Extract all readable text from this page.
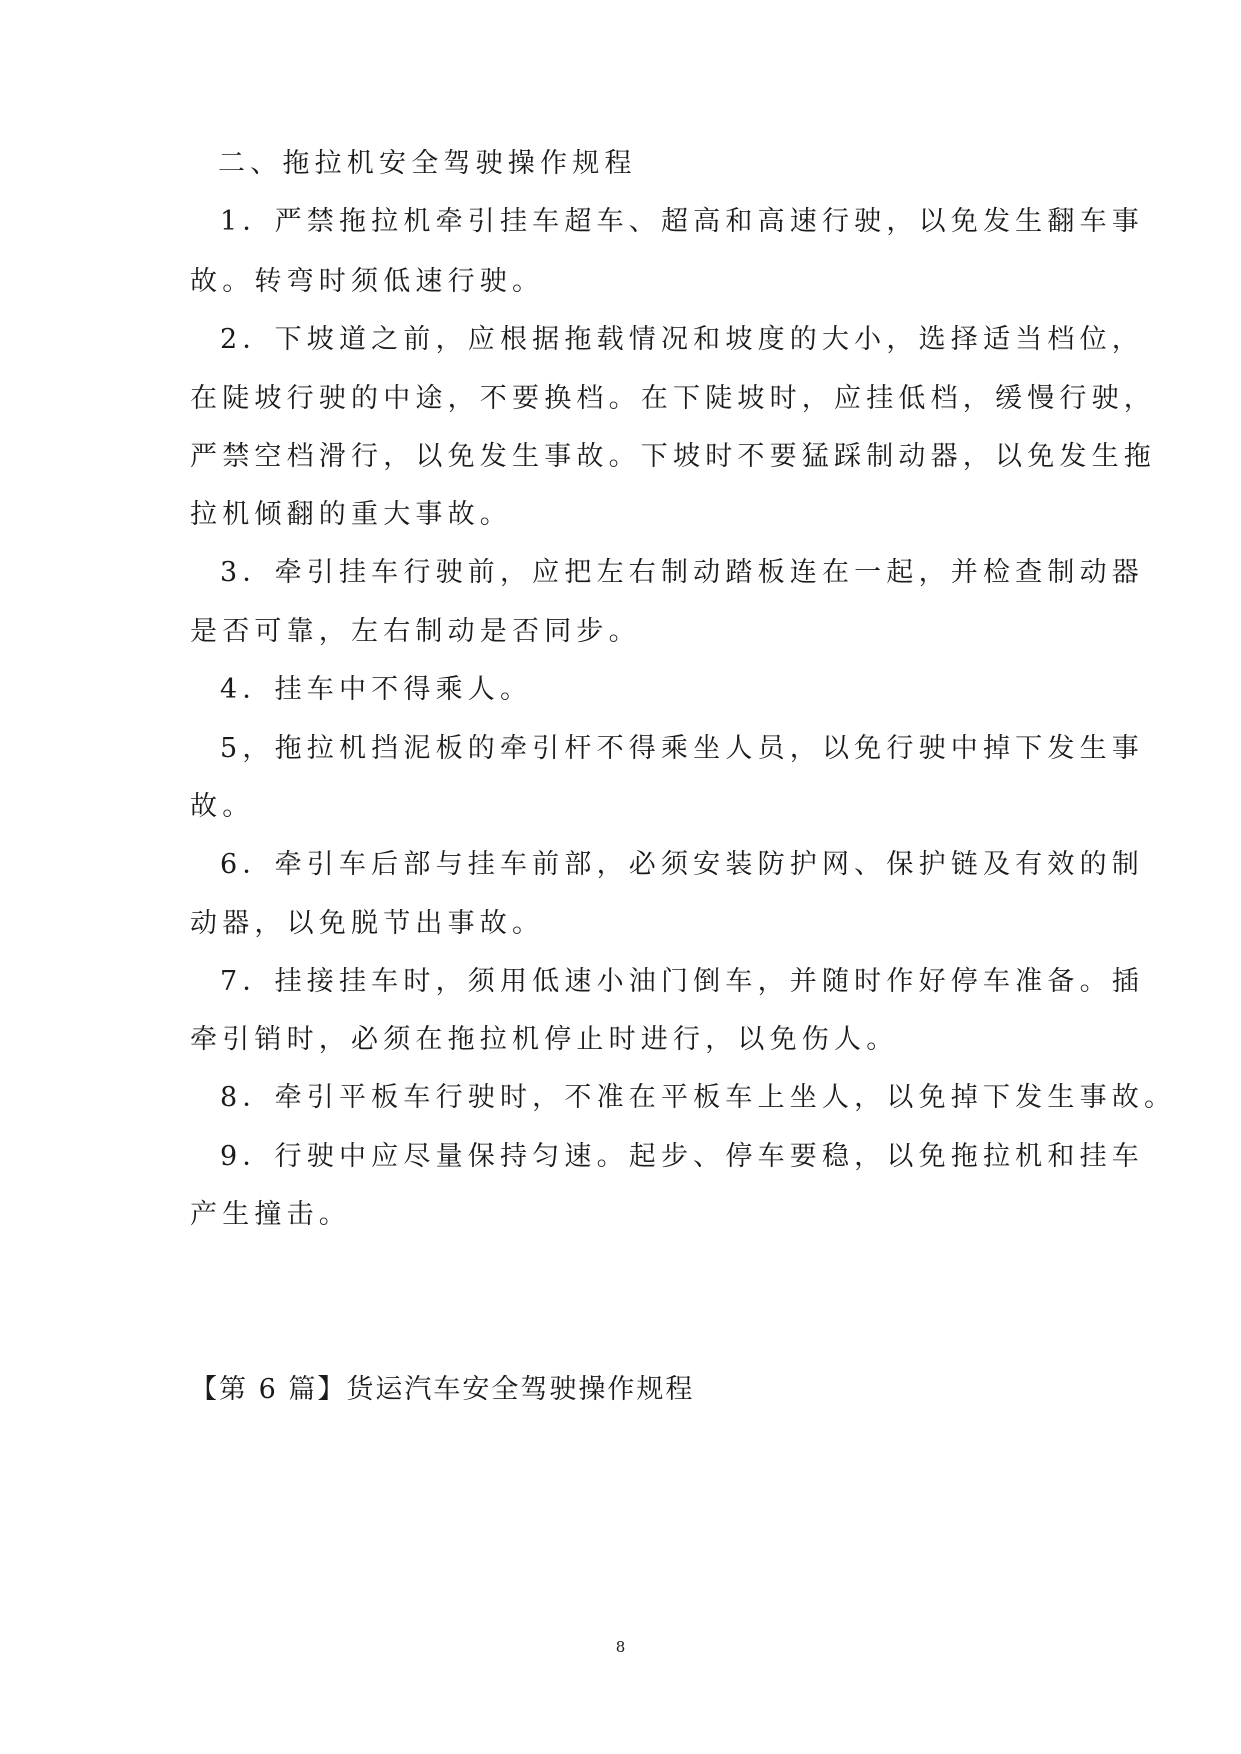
二、拖拉机安全驾驶操作规程
1．严禁拖拉机牵引挂车超车、超高和高速行驶，以免发生翻车事
故。转弯时须低速行驶。
2．下坡道之前，应根据拖载情况和坡度的大小，选择适当档位，
在陡坡行驶的中途，不要换档。在下陡坡时，应挂低档，缓慢行驶，
严禁空档滑行，以免发生事故。下坡时不要猛踩制动器，以免发生拖
拉机倾翻的重大事故。
3．牵引挂车行驶前，应把左右制动踏板连在一起，并检查制动器
是否可靠，左右制动是否同步。
4．挂车中不得乘人。
5，拖拉机挡泥板的牵引杆不得乘坐人员，以免行驶中掉下发生事
故。
6．牵引车后部与挂车前部，必须安装防护网、保护链及有效的制
动器，以免脱节出事故。
7．挂接挂车时，须用低速小油门倒车，并随时作好停车准备。插
牵引销时，必须在拖拉机停止时进行，以免伤人。
8．牵引平板车行驶时，不准在平板车上坐人，以免掉下发生事故。
9．行驶中应尽量保持匀速。起步、停车要稳，以免拖拉机和挂车
产生撞击。
【第 6 篇】货运汽车安全驾驶操作规程
8
